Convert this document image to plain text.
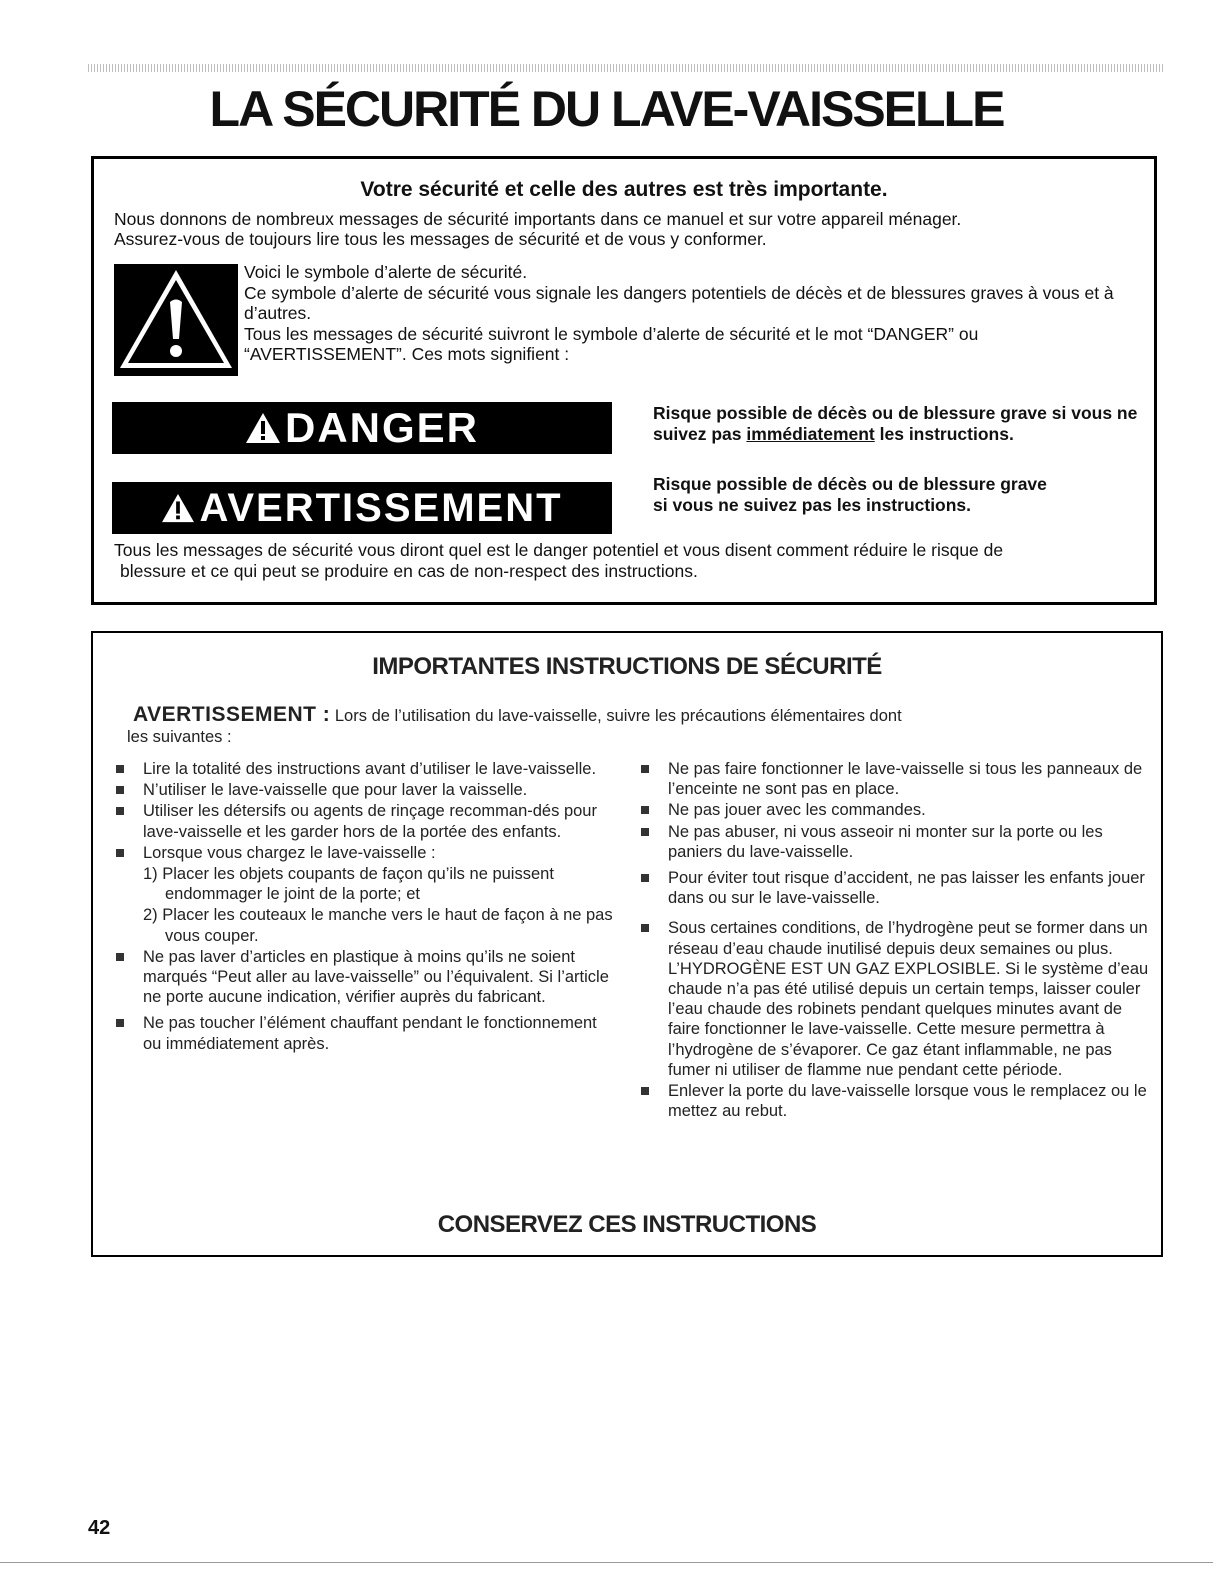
LA SÉCURITÉ DU LAVE-VAISSELLE
Votre sécurité et celle des autres est très importante.

Nous donnons de nombreux messages de sécurité importants dans ce manuel et sur votre appareil ménager.
Assurez-vous de toujours lire tous les messages de sécurité et de vous y conformer.

Voici le symbole d’alerte de sécurité.

Ce symbole d’alerte de sécurité vous signale les dangers potentiels de décès et de blessures graves à vous et à d’autres.

Tous les messages de sécurité suivront le symbole d’alerte de sécurité et le mot “DANGER” ou “AVERTISSEMENT”. Ces mots signifient :

DANGER	Risque possible de décès ou de blessure grave si vous ne suivez pas immédiatement les instructions.

AVERTISSEMENT

Risque possible de décès ou de blessure grave
si vous ne suivez pas les instructions.

Tous les messages de sécurité vous diront quel est le danger potentiel et vous disent comment réduire le risque de
blessure et ce qui peut se produire en cas de non-respect des instructions.

IMPORTANTES INSTRUCTIONS DE SÉCURITÉ

AVERTISSEMENT : Lors de l’utilisation du lave-vaisselle, suivre les précautions élémentaires dont
les suivantes :

Lire la totalité des instructions avant d’utiliser le lave-vaisselle.
N’utiliser le lave-vaisselle que pour laver la vaisselle.
Utiliser les détersifs ou agents de rinçage recomman-dés pour lave-vaisselle et les garder hors de la portée des enfants.
Lorsque vous chargez le lave-vaisselle :
1) Placer les objets coupants de façon qu’ils ne puissent endommager le joint de la porte; et
2) Placer les couteaux le manche vers le haut de façon à ne pas vous couper.
Ne pas laver d’articles en plastique à moins qu’ils ne soient marqués “Peut aller au lave-vaisselle” ou l’équivalent. Si l’article ne porte aucune indication, vérifier auprès du fabricant.
Ne pas toucher l’élément chauffant pendant le fonctionnement ou immédiatement après.
Ne pas faire fonctionner le lave-vaisselle si tous les panneaux de l’enceinte ne sont pas en place.
Ne pas jouer avec les commandes.
Ne pas abuser, ni vous asseoir ni monter sur la porte ou les paniers du lave-vaisselle.
Pour éviter tout risque d’accident, ne pas laisser les enfants jouer dans ou sur le lave-vaisselle.
Sous certaines conditions, de l’hydrogène peut se former dans un réseau d’eau chaude inutilisé depuis deux semaines ou plus. L’HYDROGÈNE EST UN GAZ EXPLOSIBLE. Si le système d’eau chaude n’a pas été utilisé depuis un certain temps, laisser couler l’eau chaude des robinets pendant quelques minutes avant de faire fonctionner le lave-vaisselle. Cette mesure permettra à l’hydrogène de s’évaporer. Ce gaz étant inflammable, ne pas fumer ni utiliser de flamme nue pendant cette période.
Enlever la porte du lave-vaisselle lorsque vous le remplacez ou le mettez au rebut.
CONSERVEZ CES INSTRUCTIONS

42
